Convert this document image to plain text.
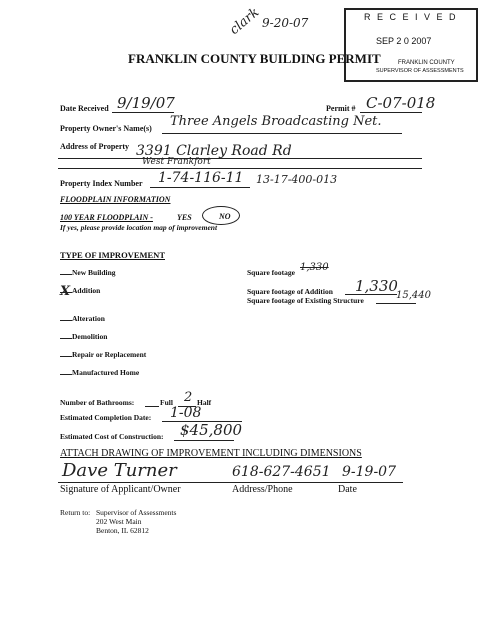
clark 9-20-07	R E C E I V E D
SEP 2 0 2007
FRANKLIN COUNTY
SUPERVISOR OF ASSESSMENTS
FRANKLIN COUNTY BUILDING PERMIT
Date Received 9/19/07	Permit # C-07-018
Property Owner's Name(s) Three Angels Broadcasting Net.
Address of Property 3391 Clarley Road Rd
West Frankfort
Property Index Number 1-74-116-11 13-17-400-013
FLOODPLAIN INFORMATION
100 YEAR FLOODPLAIN -	YES	NO
If yes, please provide location map of improvement
TYPE OF IMPROVEMENT
New Building
X Addition
Alteration
Demolition
Repair or Replacement
Manufactured Home
Square footage 1,330
Square footage of Addition 1,330
Square footage of Existing Structure	15,440
Number of Bathrooms:	Full 2 Half
Estimated Completion Date: 1-08
Estimated Cost of Construction: $45,800
ATTACH DRAWING OF IMPROVEMENT INCLUDING DIMENSIONS
Dave Turner	618-627-4651 9-19-07
Signature of Applicant/Owner	Address/Phone	Date
Return to: Supervisor of Assessments
202 West Main
Benton, IL 62812
